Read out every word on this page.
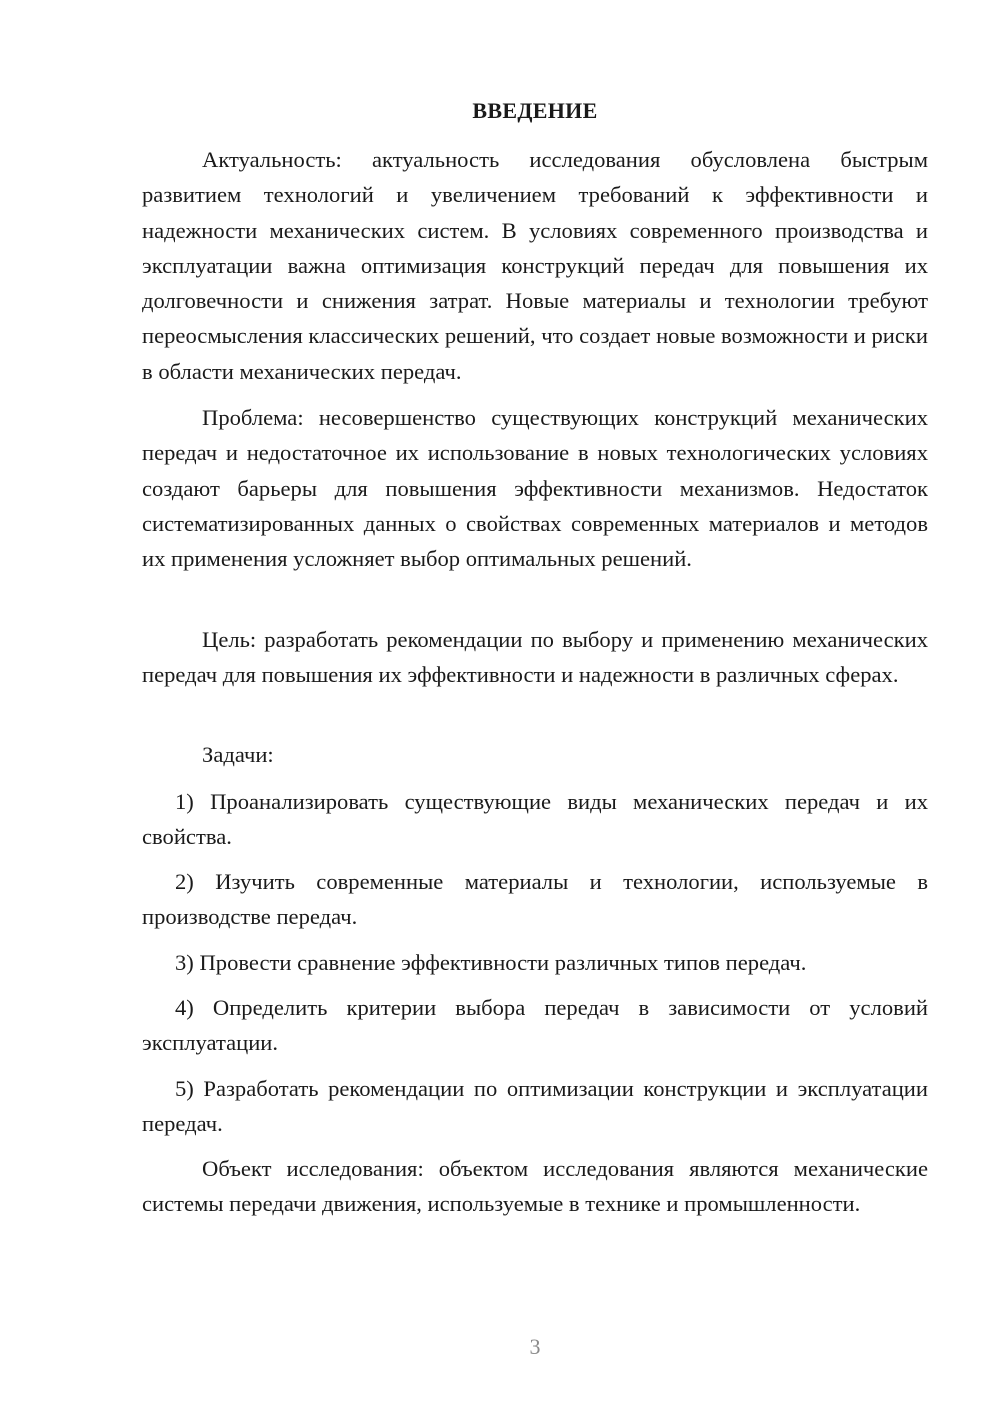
ВВЕДЕНИЕ

Актуальность: актуальность исследования обусловлена быстрым развитием технологий и увеличением требований к эффективности и надежности механических систем. В условиях современного производства и эксплуатации важна оптимизация конструкций передач для повышения их долговечности и снижения затрат. Новые материалы и технологии требуют переосмысления классических решений, что создает новые возможности и риски в области механических передач.

Проблема: несовершенство существующих конструкций механических передач и недостаточное их использование в новых технологических условиях создают барьеры для повышения эффективности механизмов. Недостаток систематизированных данных о свойствах современных материалов и методов их применения усложняет выбор оптимальных решений.

Цель: разработать рекомендации по выбору и применению механических передач для повышения их эффективности и надежности в различных сферах.

Задачи:

1) Проанализировать существующие виды механических передач и их свойства.

2) Изучить современные материалы и технологии, используемые в производстве передач.

3) Провести сравнение эффективности различных типов передач.

4) Определить критерии выбора передач в зависимости от условий эксплуатации.

5) Разработать рекомендации по оптимизации конструкции и эксплуатации передач.

Объект исследования: объектом исследования являются механические системы передачи движения, используемые в технике и промышленности.

3
